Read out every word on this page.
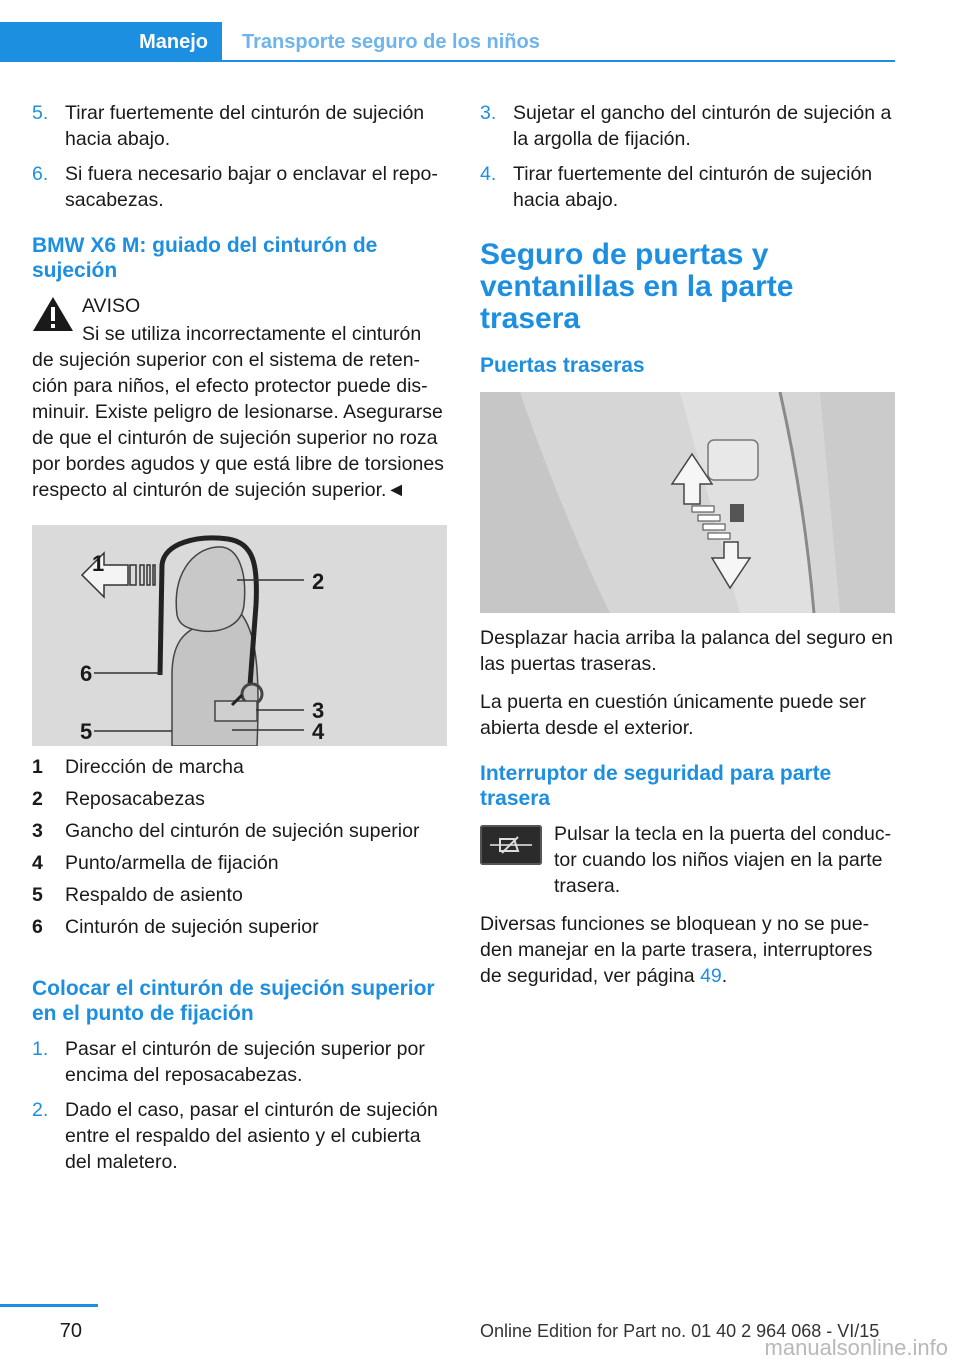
Manejo	Transporte seguro de los niños
5. Tirar fuertemente del cinturón de sujeción hacia abajo.
6. Si fuera necesario bajar o enclavar el reposacabezas.
BMW X6 M: guiado del cinturón de sujeción
AVISO

Si se utiliza incorrectamente el cinturón de sujeción superior con el sistema de retención para niños, el efecto protector puede disminuir. Existe peligro de lesionarse. Asegurarse de que el cinturón de sujeción superior no roza por bordes agudos y que está libre de torsiones respecto al cinturón de sujeción superior.◄

1
2
6
3
4
5
1	Dirección de marcha
2	Reposacabezas
3	Gancho del cinturón de sujeción superior
4	Punto/armella de fijación
5	Respaldo de asiento
6	Cinturón de sujeción superior
Colocar el cinturón de sujeción superior en el punto de fijación
1. Pasar el cinturón de sujeción superior por encima del reposacabezas.
2. Dado el caso, pasar el cinturón de sujeción entre el respaldo del asiento y el cubierta del maletero.
3. Sujetar el gancho del cinturón de sujeción a la argolla de fijación.
4. Tirar fuertemente del cinturón de sujeción hacia abajo.
Seguro de puertas y ventanillas en la parte trasera
Puertas traseras

Desplazar hacia arriba la palanca del seguro en las puertas traseras.

La puerta en cuestión únicamente puede ser abierta desde el exterior.

Interruptor de seguridad para parte trasera

Pulsar la tecla en la puerta del conductor cuando los niños viajen en la parte trasera.

Diversas funciones se bloquean y no se pueden manejar en la parte trasera, interruptores de seguridad, ver página 49.

70	Online Edition for Part no. 01 40 2 964 068 - VI/15
manualsonline.info
